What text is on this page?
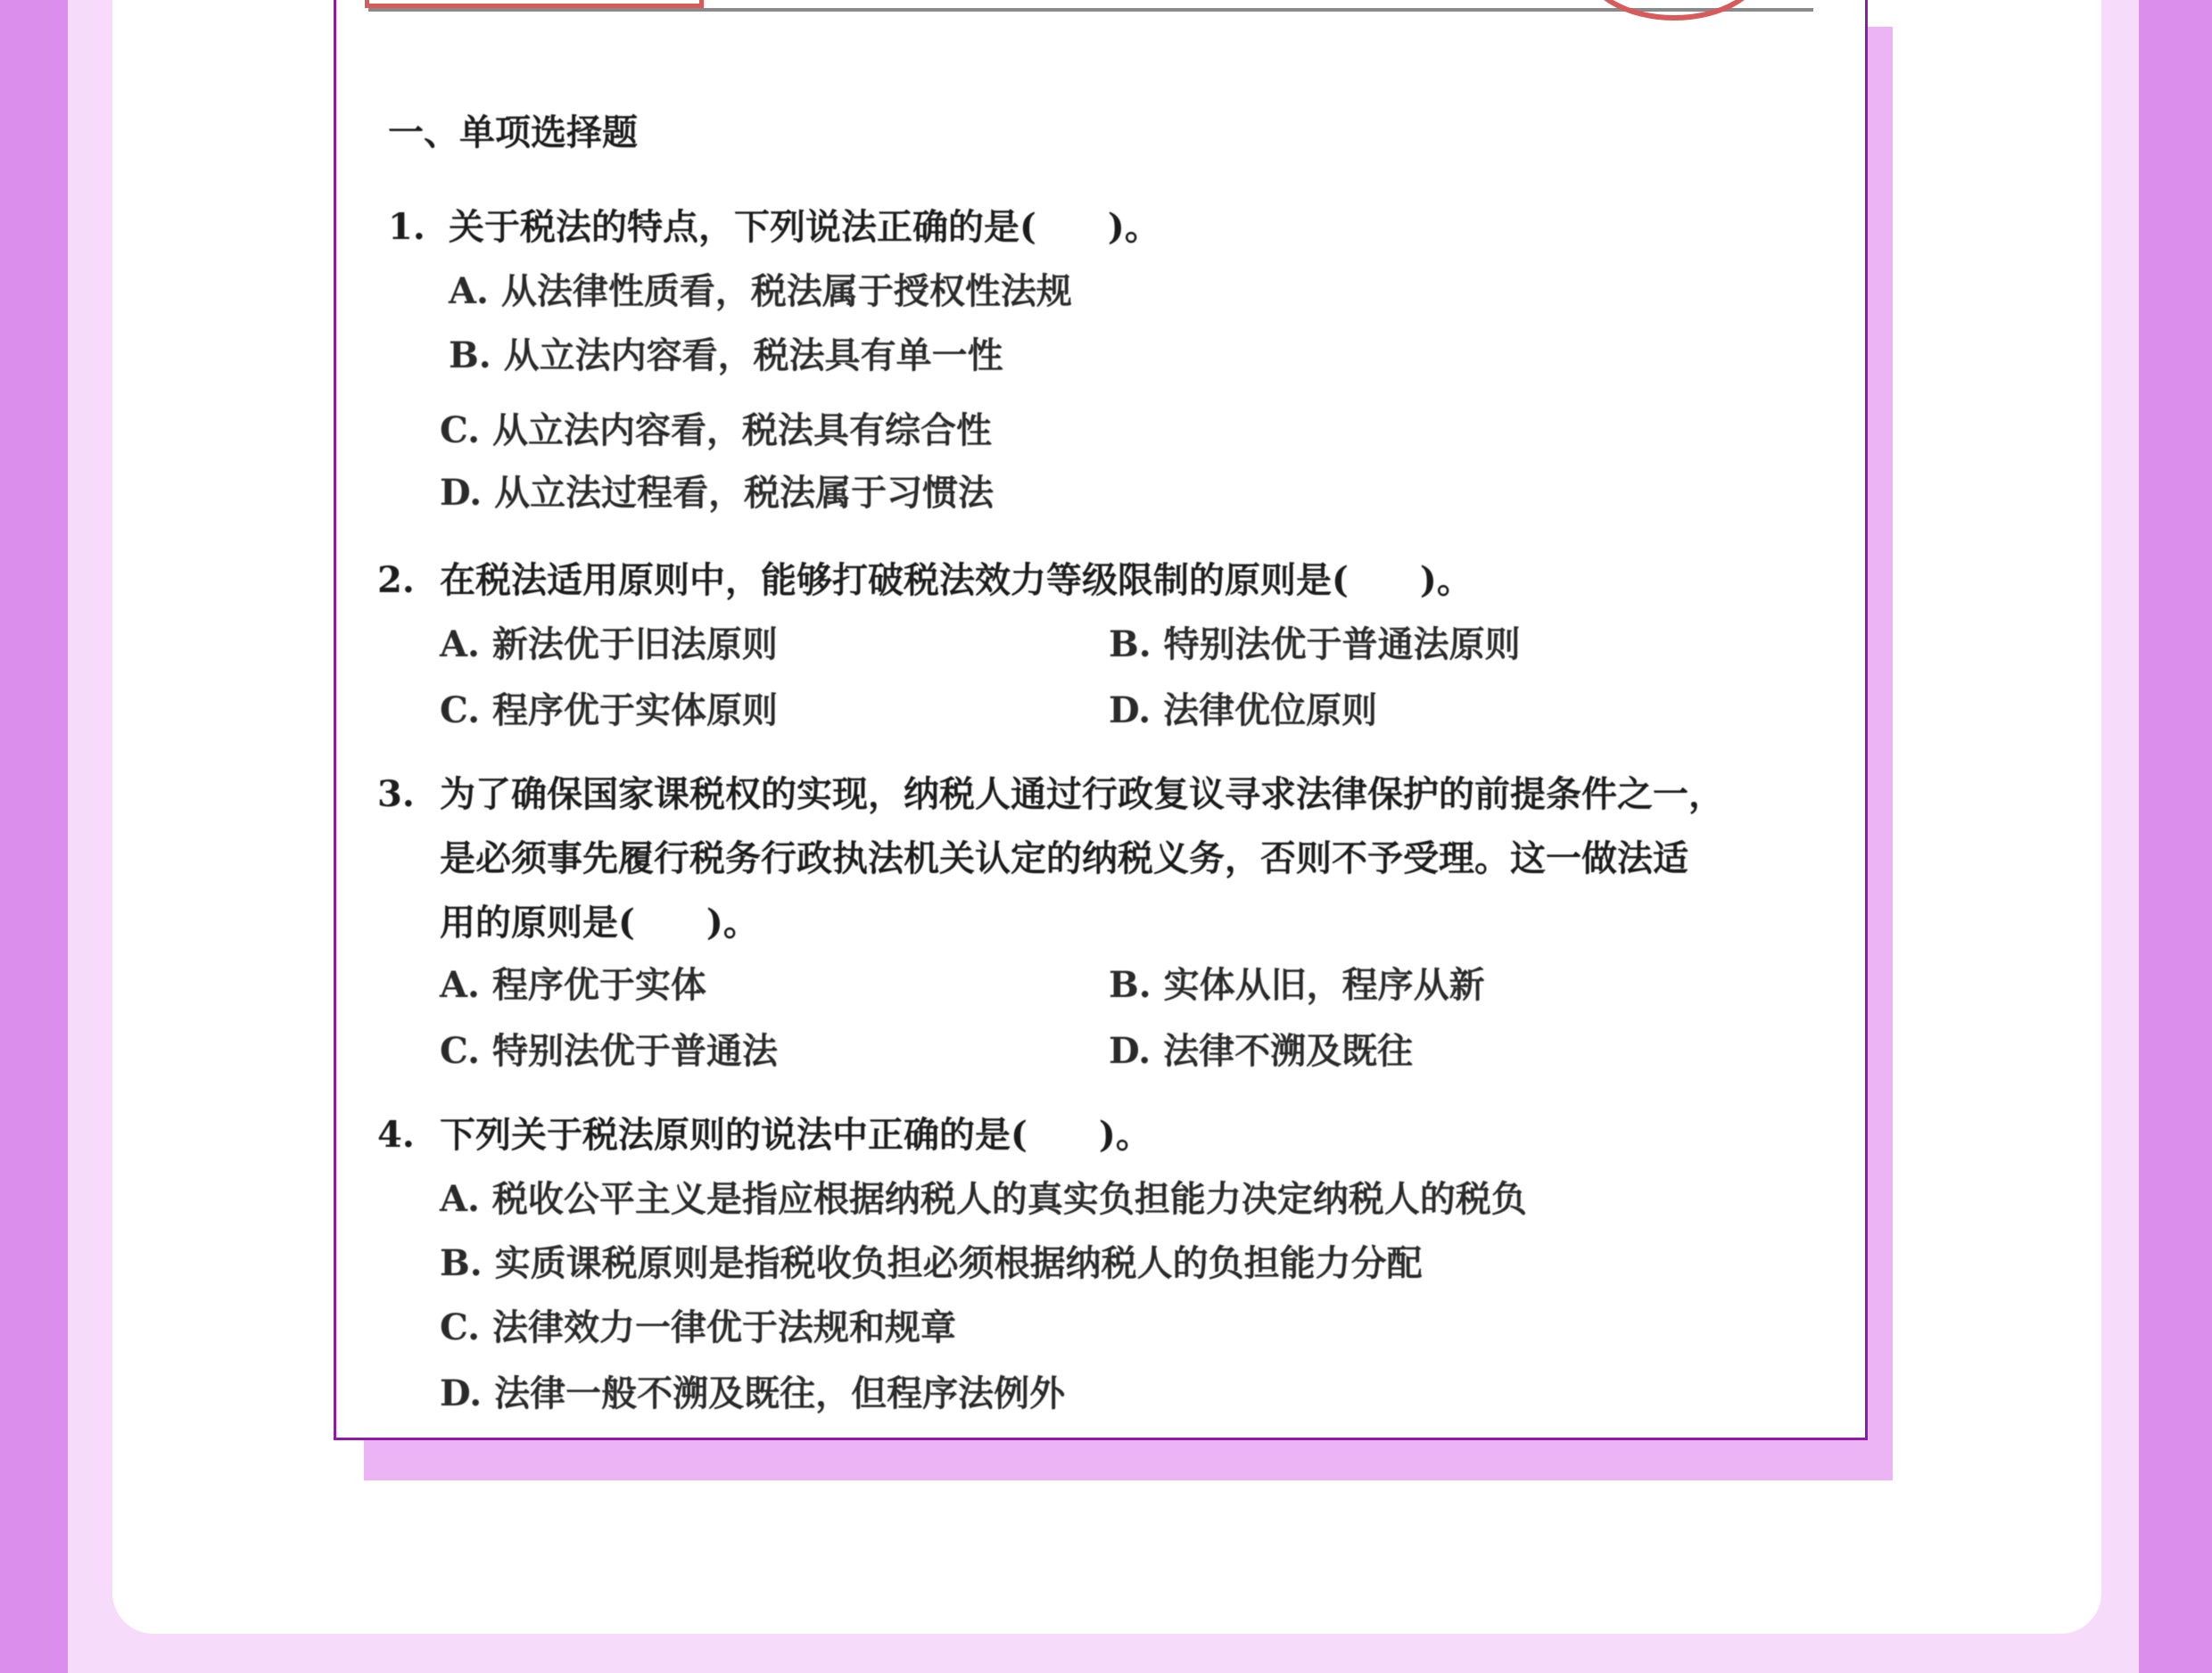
一、单项选择题
1. 关于税法的特点，下列说法正确的是(　　)。
A. 从法律性质看，税法属于授权性法规
B. 从立法内容看，税法具有单一性
C. 从立法内容看，税法具有综合性
D. 从立法过程看，税法属于习惯法
2. 在税法适用原则中，能够打破税法效力等级限制的原则是(　　)。
A. 新法优于旧法原则	B. 特别法优于普通法原则
C. 程序优于实体原则	D. 法律优位原则
3. 为了确保国家课税权的实现，纳税人通过行政复议寻求法律保护的前提条件之一，
是必须事先履行税务行政执法机关认定的纳税义务，否则不予受理。这一做法适
用的原则是(　　)。
A. 程序优于实体	B. 实体从旧，程序从新
C. 特别法优于普通法	D. 法律不溯及既往
4. 下列关于税法原则的说法中正确的是(　　)。
A. 税收公平主义是指应根据纳税人的真实负担能力决定纳税人的税负
B. 实质课税原则是指税收负担必须根据纳税人的负担能力分配
C. 法律效力一律优于法规和规章
D. 法律一般不溯及既往，但程序法例外
